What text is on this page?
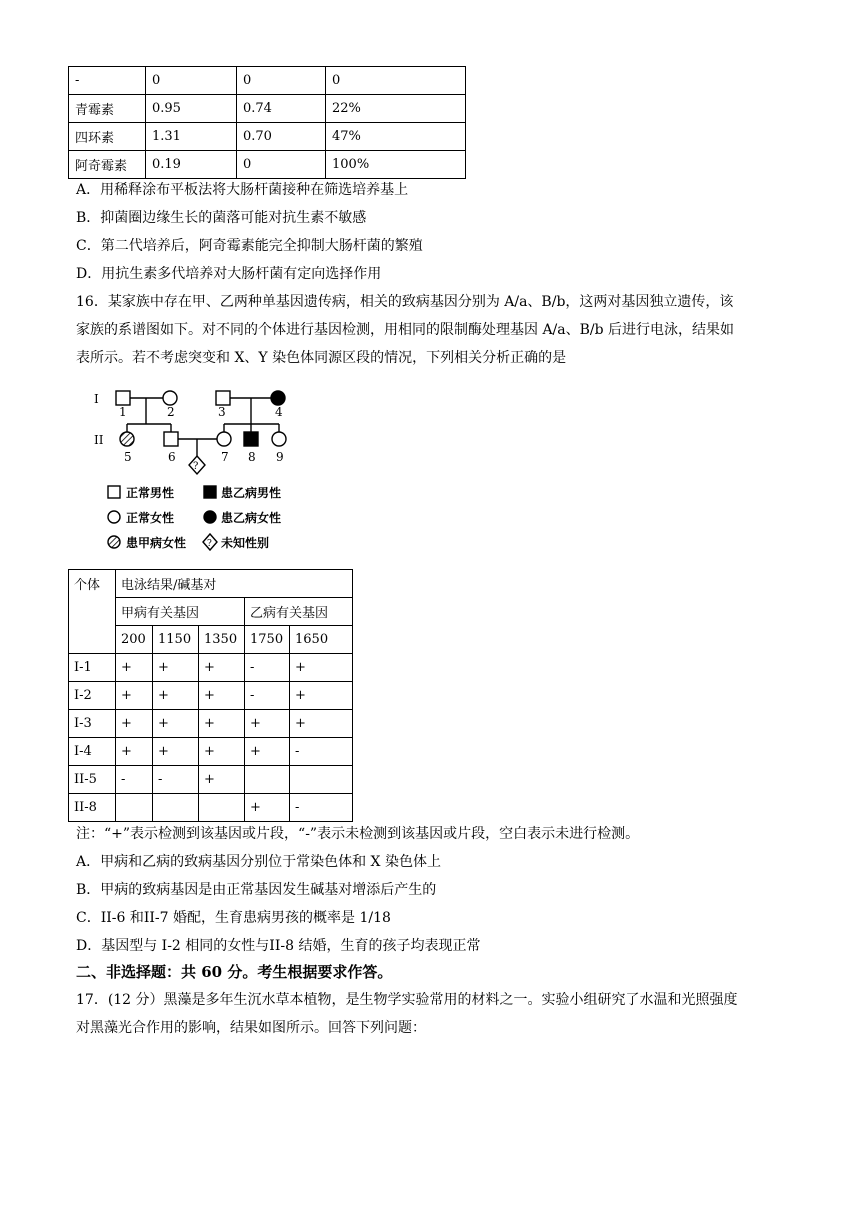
-	0	0	0
青霉素	0.95	0.74	22%
四环素	1.31	0.70	47%
阿奇霉素	0.19	0	100%
A．用稀释涂布平板法将大肠杆菌接种在筛选培养基上
B．抑菌圈边缘生长的菌落可能对抗生素不敏感
C．第二代培养后，阿奇霉素能完全抑制大肠杆菌的繁殖
D．用抗生素多代培养对大肠杆菌有定向选择作用
16．某家族中存在甲、乙两种单基因遗传病，相关的致病基因分别为 A/a、B/b，这两对基因独立遗传，该
家族的系谱图如下。对不同的个体进行基因检测，用相同的限制酶处理基因 A/a、B/b 后进行电泳，结果如
表所示。若不考虑突变和 X、Y 染色体同源区段的情况，下列相关分析正确的是
I
II
1	2	3	4
5	6	7 8 9
?
?
正常男性
正常女性
患甲病女性
患乙病男性
患乙病女性
未知性别
个体	电泳结果/碱基对				
	甲病有关基因			乙病有关基因	
	200	1150	1350	1750	1650
I-1	+	+	+	-	+
I-2	+	+	+	-	+
I-3	+	+	+	+	+
I-4	+	+	+	+	-
II-5	-	-	+		
II-8				+	-
注：“+”表示检测到该基因或片段，“-”表示未检测到该基因或片段，空白表示未进行检测。
A．甲病和乙病的致病基因分别位于常染色体和 X 染色体上
B．甲病的致病基因是由正常基因发生碱基对增添后产生的
C．II-6 和II-7 婚配，生育患病男孩的概率是 1/18
D．基因型与 I-2 相同的女性与II-8 结婚，生育的孩子均表现正常
二、非选择题：共 60 分。考生根据要求作答。
17．(12 分）黑藻是多年生沉水草本植物，是生物学实验常用的材料之一。实验小组研究了水温和光照强度
对黑藻光合作用的影响，结果如图所示。回答下列问题：
